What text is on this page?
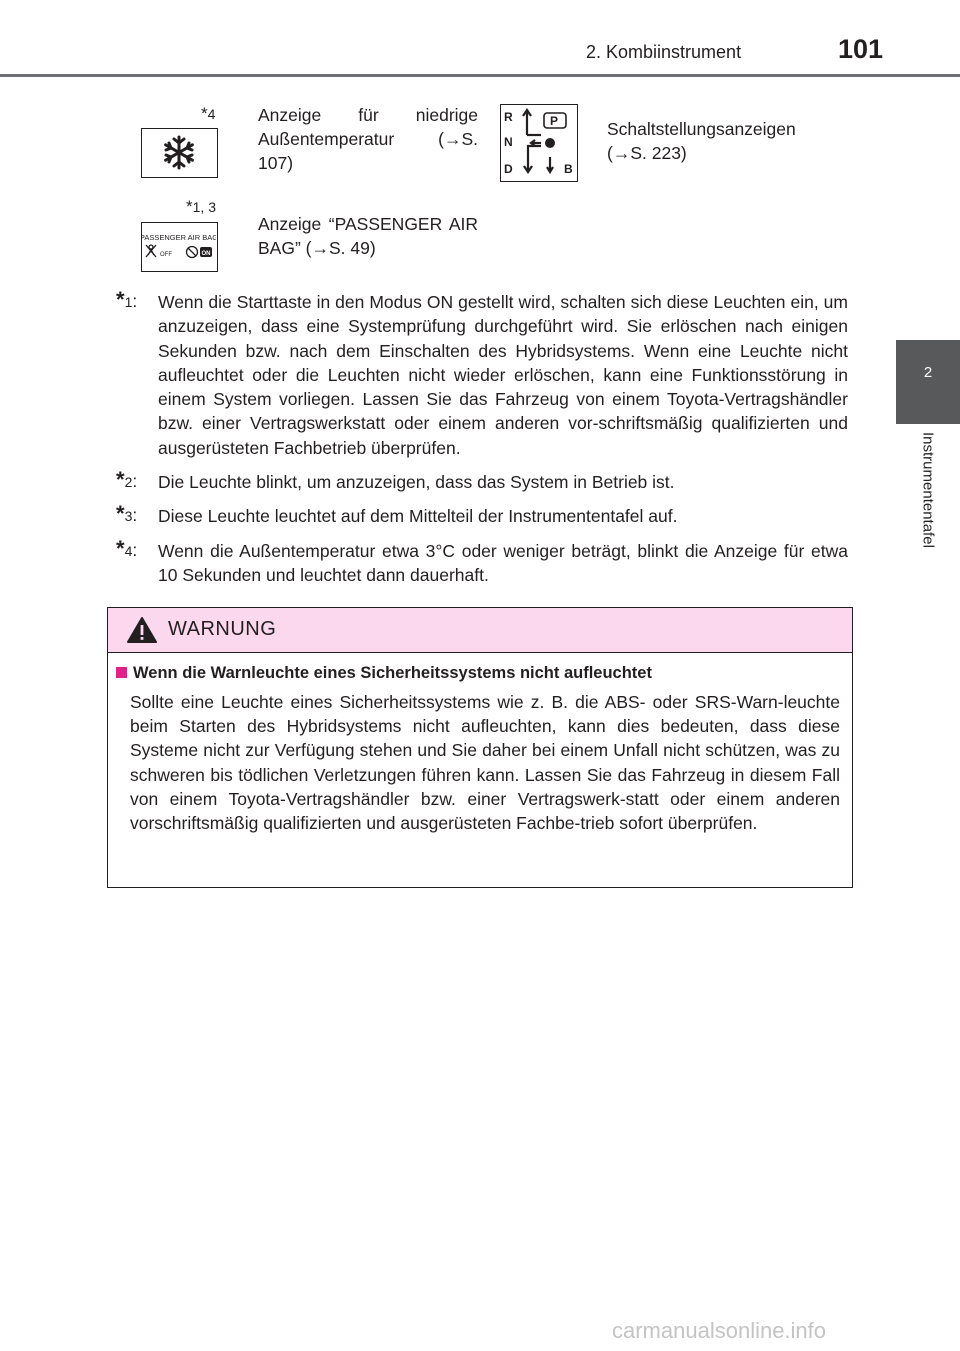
2. Kombiinstrument	101
2
Instrumententafel
*4 Anzeige für niedrige Außentemperatur (→S. 107)
R
N
D
P
B
Schaltstellungsanzeigen (→S. 223)
*1, 3
PASSENGER AIR BAG
OFF	ON
Anzeige “PASSENGER AIR BAG” (→S. 49)
*1: Wenn die Starttaste in den Modus ON gestellt wird, schalten sich diese Leuchten ein, um anzuzeigen, dass eine Systemprüfung durchgeführt wird. Sie erlöschen nach einigen Sekunden bzw. nach dem Einschalten des Hybridsystems. Wenn eine Leuchte nicht aufleuchtet oder die Leuchten nicht wieder erlöschen, kann eine Funktionsstörung in einem System vorliegen. Lassen Sie das Fahrzeug von einem Toyota-Vertragshändler bzw. einer Vertragswerkstatt oder einem anderen vor-schriftsmäßig qualifizierten und ausgerüsteten Fachbetrieb überprüfen.
*2: Die Leuchte blinkt, um anzuzeigen, dass das System in Betrieb ist.
*3: Diese Leuchte leuchtet auf dem Mittelteil der Instrumententafel auf.
*4: Wenn die Außentemperatur etwa 3°C oder weniger beträgt, blinkt die Anzeige für etwa 10 Sekunden und leuchtet dann dauerhaft.
WARNUNG
Wenn die Warnleuchte eines Sicherheitssystems nicht aufleuchtet
Sollte eine Leuchte eines Sicherheitssystems wie z. B. die ABS- oder SRS-Warn-leuchte beim Starten des Hybridsystems nicht aufleuchten, kann dies bedeuten, dass diese Systeme nicht zur Verfügung stehen und Sie daher bei einem Unfall nicht schützen, was zu schweren bis tödlichen Verletzungen führen kann. Lassen Sie das Fahrzeug in diesem Fall von einem Toyota-Vertragshändler bzw. einer Vertragswerk-statt oder einem anderen vorschriftsmäßig qualifizierten und ausgerüsteten Fachbe-trieb sofort überprüfen.
carmanualsonline.info
